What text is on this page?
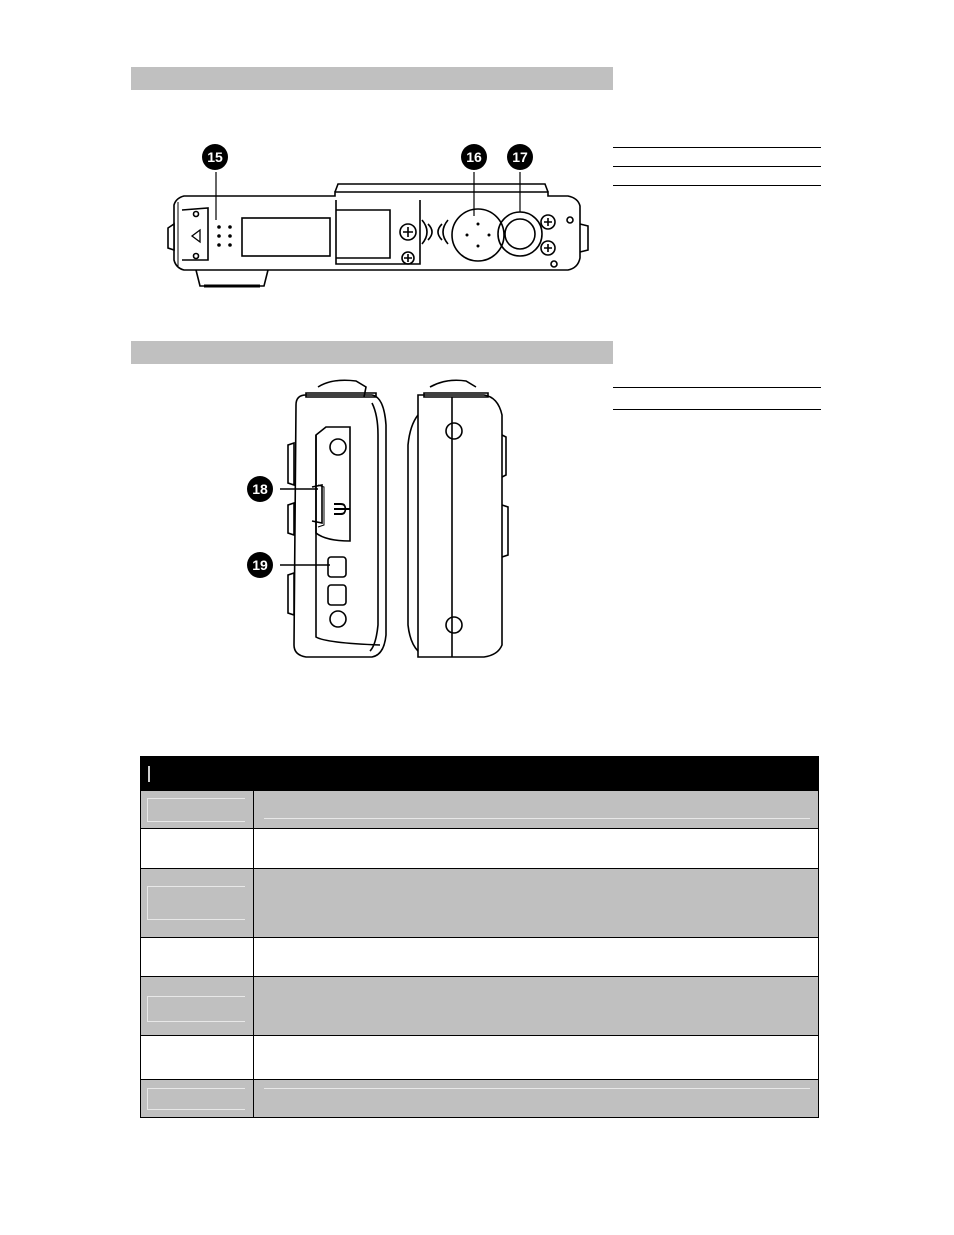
15	16 17
ψ
18
19
